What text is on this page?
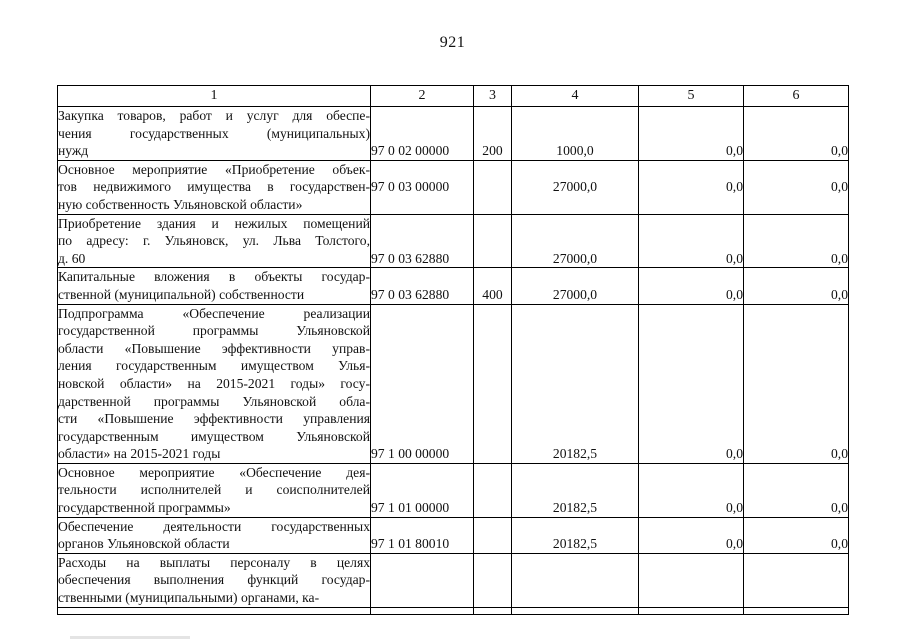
921
1	2	3	4	5	6

Закупка товаров, работ и услуг для обеспе-
чения государственных (муниципальных)
нужд	97 0 02 00000	200	1000,0	0,0	0,0

Основное мероприятие «Приобретение объек-
тов недвижимого имущества в государствен-
ную собственность Ульяновской области»	97 0 03 00000		27000,0	0,0	0,0

Приобретение здания и нежилых помещений
по адресу: г. Ульяновск, ул. Льва Толстого,
д. 60	97 0 03 62880		27000,0	0,0	0,0

Капитальные вложения в объекты государ-
ственной (муниципальной) собственности	97 0 03 62880	400	27000,0	0,0	0,0

Подпрограмма «Обеспечение реализации
государственной программы Ульяновской
области «Повышение эффективности управ-
ления государственным имуществом Улья-
новской области» на 2015-2021 годы» госу-
дарственной программы Ульяновской обла-
сти «Повышение эффективности управления
государственным имуществом Ульяновской
области» на 2015-2021 годы	97 1 00 00000		20182,5	0,0	0,0

Основное мероприятие «Обеспечение дея-
тельности исполнителей и соисполнителей
государственной программы»	97 1 01 00000		20182,5	0,0	0,0

Обеспечение деятельности государственных
органов Ульяновской области	97 1 01 80010		20182,5	0,0	0,0

Расходы на выплаты персоналу в целях
обеспечения выполнения функций государ-
ственными (муниципальными) органами, ка-					
